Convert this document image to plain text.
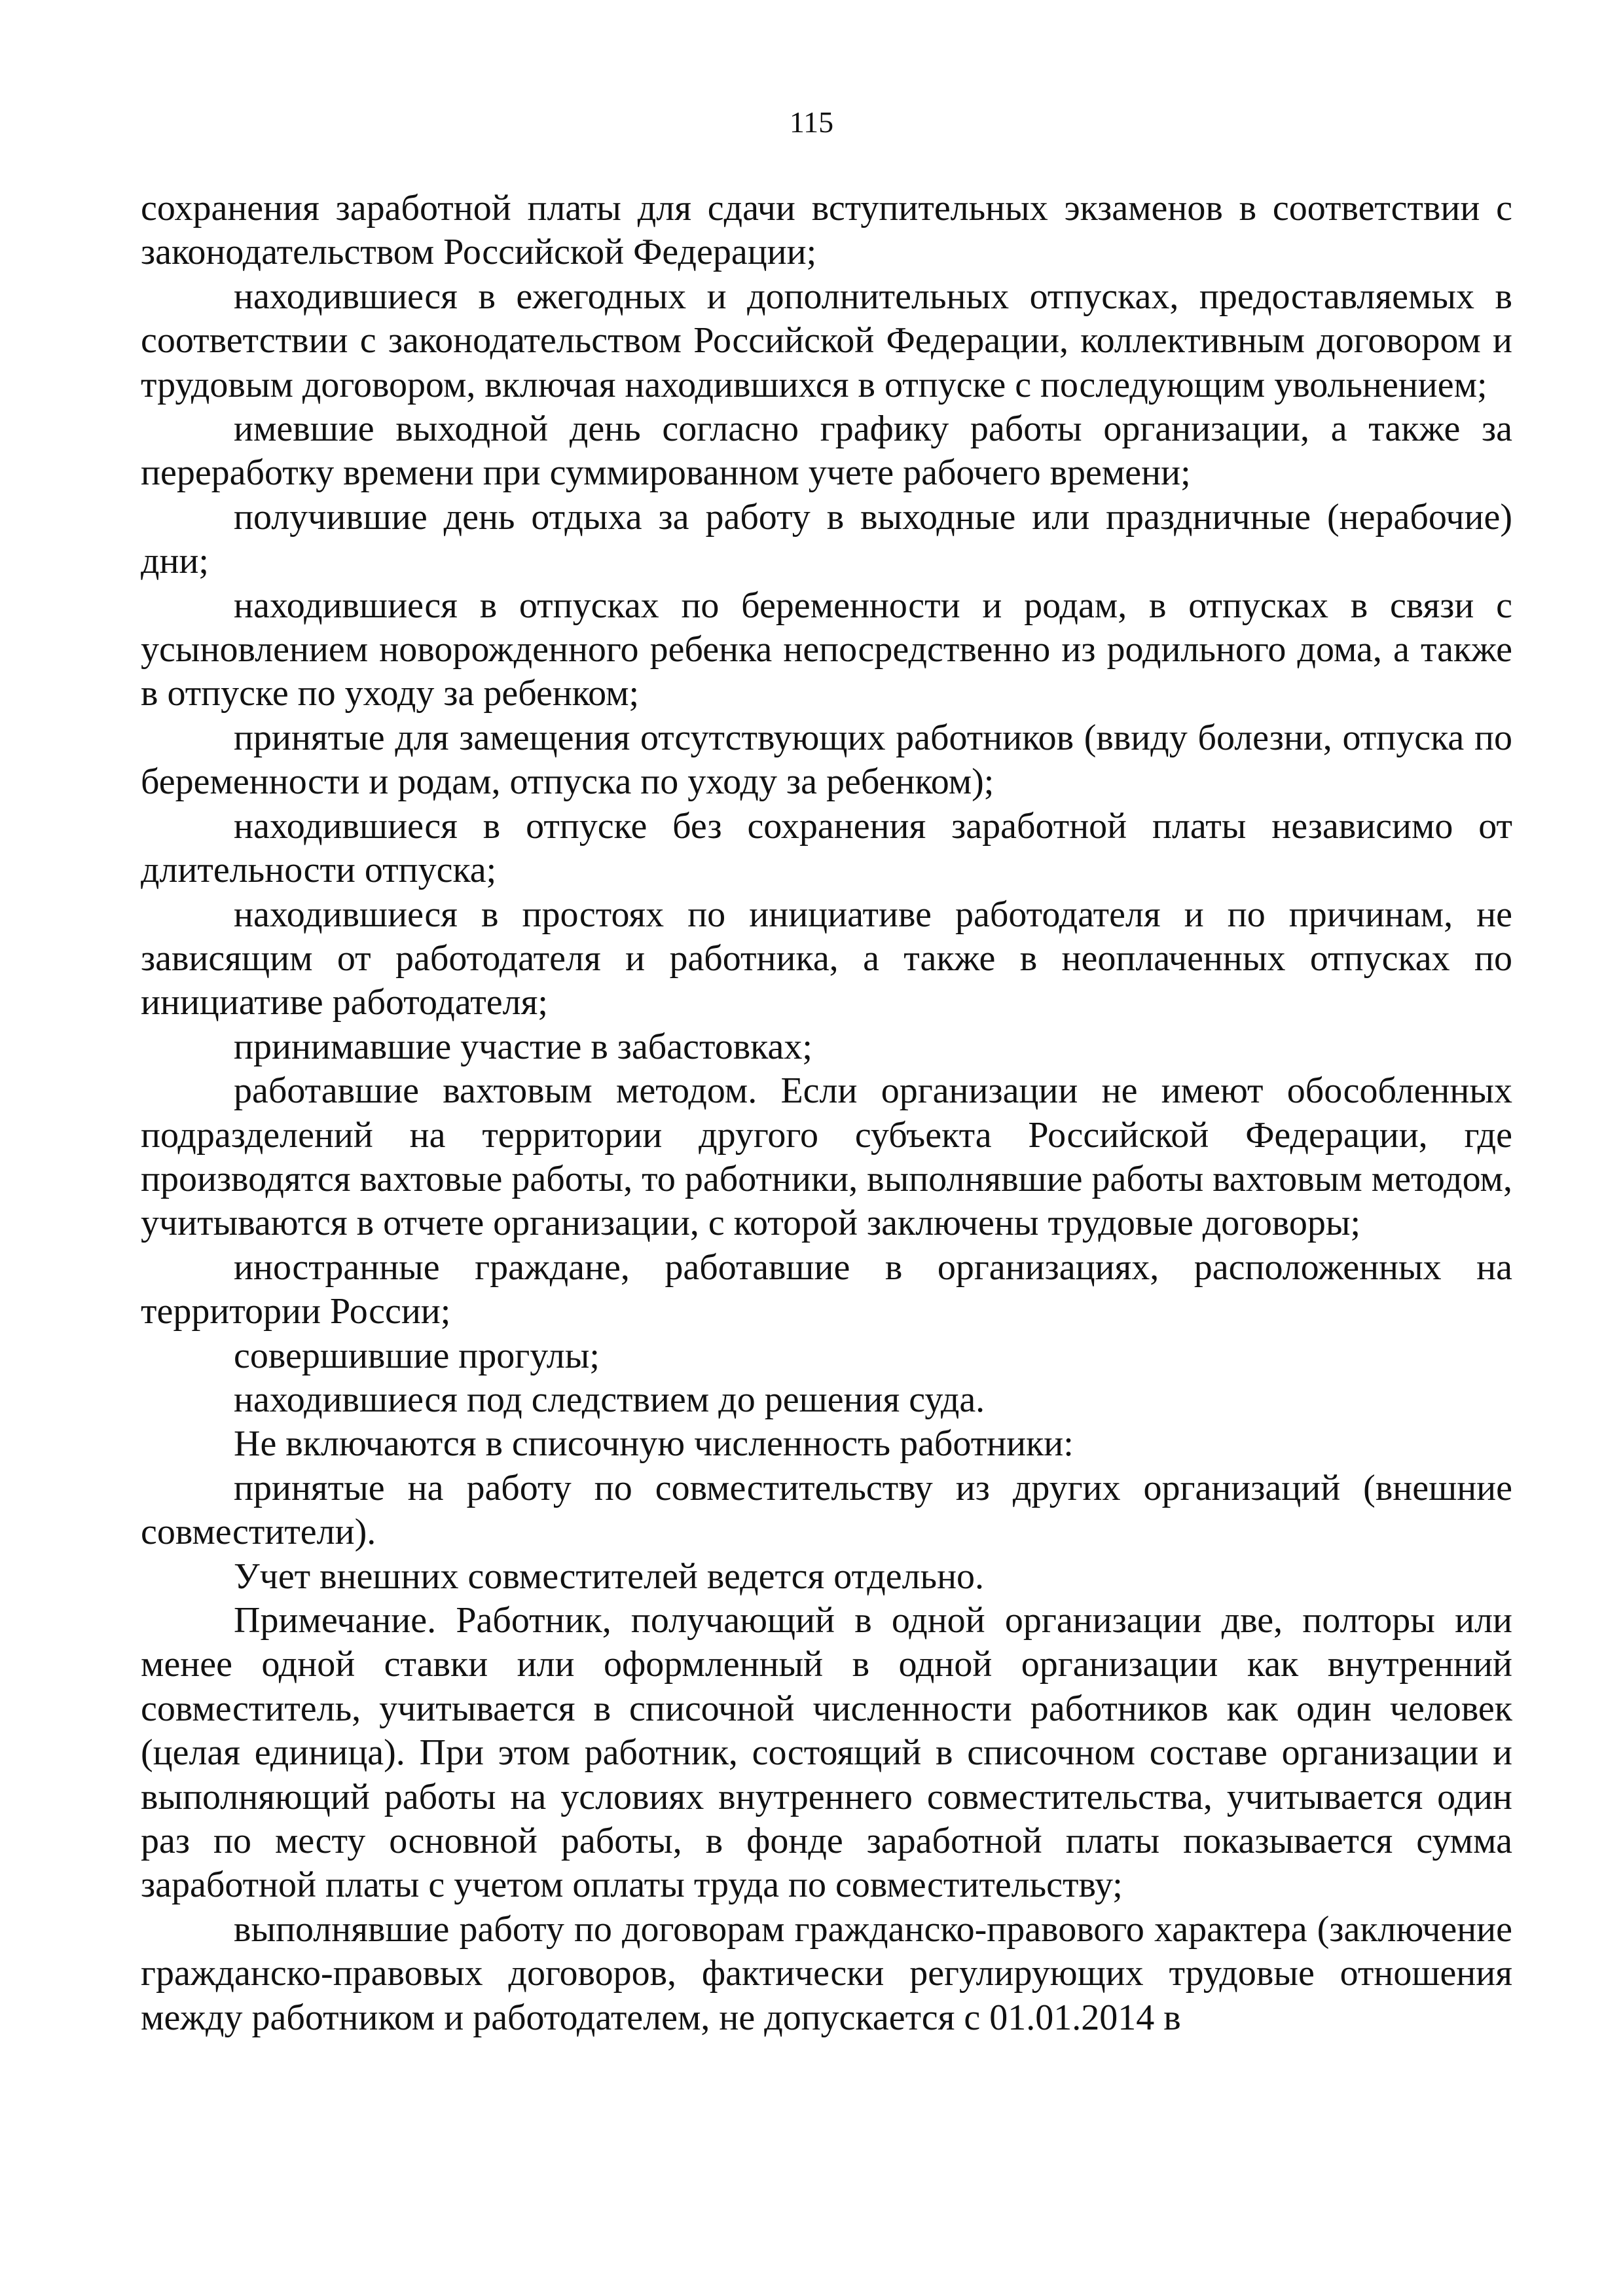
115

сохранения заработной платы для сдачи вступительных экзаменов в соответствии с законодательством Российской Федерации;

находившиеся в ежегодных и дополнительных отпусках, предоставляемых в соответствии с законодательством Российской Федерации, коллективным договором и трудовым договором, включая находившихся в отпуске с последующим увольнением;

имевшие выходной день согласно графику работы организации, а также за переработку времени при суммированном учете рабочего времени;

получившие день отдыха за работу в выходные или праздничные (нерабочие) дни;

находившиеся в отпусках по беременности и родам, в отпусках в связи с усыновлением новорожденного ребенка непосредственно из родильного дома, а также в отпуске по уходу за ребенком;

принятые для замещения отсутствующих работников (ввиду болезни, отпуска по беременности и родам, отпуска по уходу за ребенком);

находившиеся в отпуске без сохранения заработной платы независимо от длительности отпуска;

находившиеся в простоях по инициативе работодателя и по причинам, не зависящим от работодателя и работника, а также в неоплаченных отпусках по инициативе работодателя;

принимавшие участие в забастовках;

работавшие вахтовым методом. Если организации не имеют обособленных подразделений на территории другого субъекта Российской Федерации, где производятся вахтовые работы, то работники, выполнявшие работы вахтовым методом, учитываются в отчете организации, с которой заключены трудовые договоры;

иностранные граждане, работавшие в организациях, расположенных на территории России;

совершившие прогулы;

находившиеся под следствием до решения суда.

Не включаются в списочную численность работники:

принятые на работу по совместительству из других организаций (внешние совместители).

Учет внешних совместителей ведется отдельно.

Примечание. Работник, получающий в одной организации две, полторы или менее одной ставки или оформленный в одной организации как внутренний совместитель, учитывается в списочной численности работников как один человек (целая единица). При этом работник, состоящий в списочном составе организации и выполняющий работы на условиях внутреннего совместительства, учитывается один раз по месту основной работы, в фонде заработной платы показывается сумма заработной платы с учетом оплаты труда по совместительству;

выполнявшие работу по договорам гражданско-правового характера (заключение гражданско-правовых договоров, фактически регулирующих трудовые отношения между работником и работодателем, не допускается с 01.01.2014 в
